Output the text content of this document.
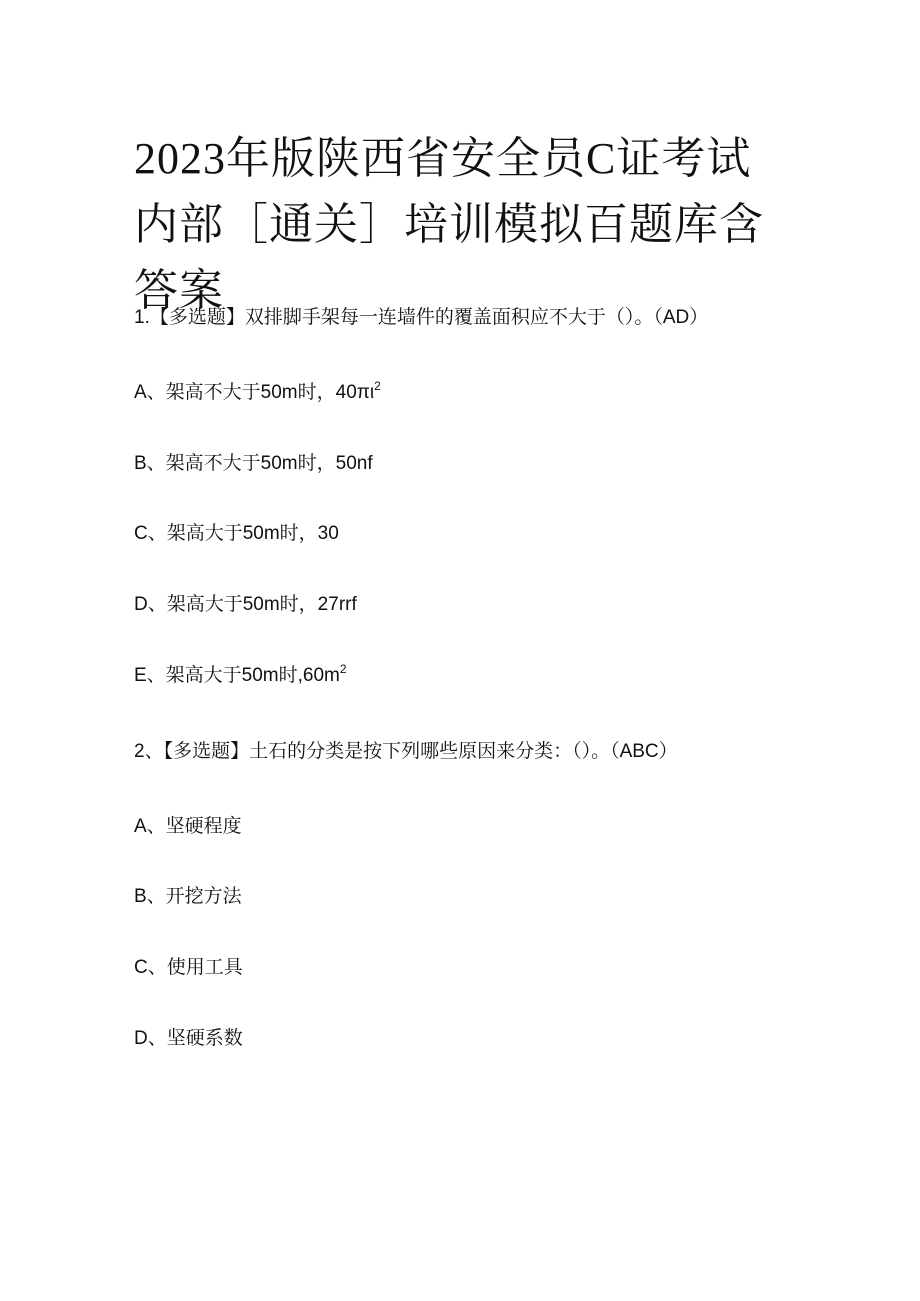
2023年版陕西省安全员C证考试内部［通关］培训模拟百题库含答案
1.【多选题】双排脚手架每一连墙件的覆盖面积应不大于（）。（AD）
A、架高不大于50m时，$40\pi\iota^2$
B、架高不大于50m时，50nf
C、架高大于50m时，30
D、架高大于50m时，27rrf
E、架高大于50m时$,60m^2$
2、【多选题】土石的分类是按下列哪些原因来分类：（）。（ABC）
A、坚硬程度
B、开挖方法
C、使用工具
D、坚硬系数
